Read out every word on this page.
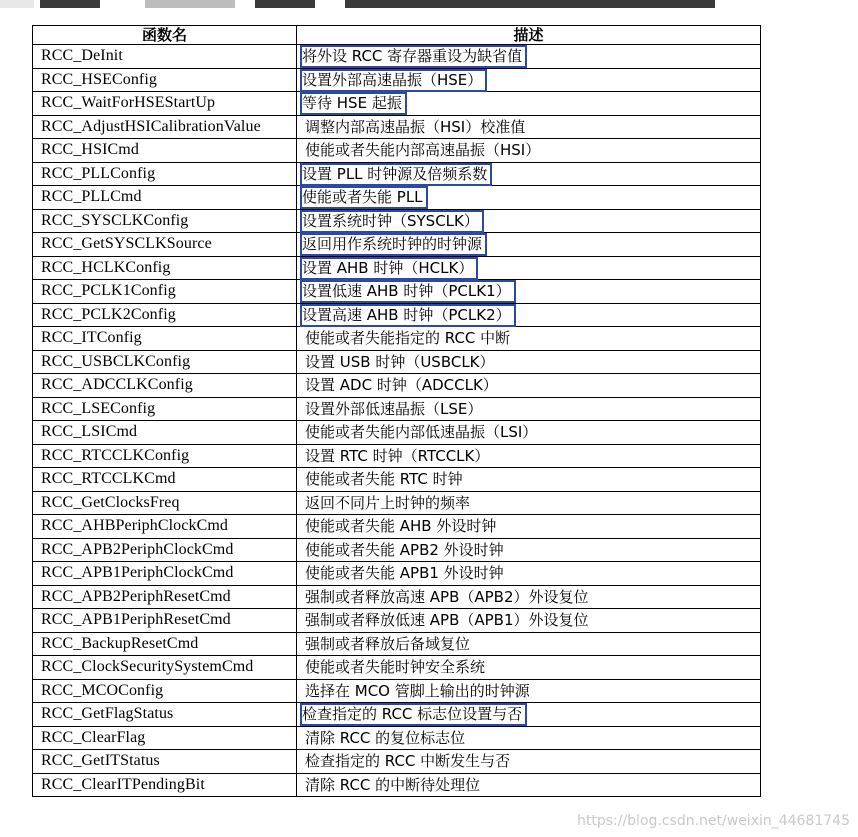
函数名	描述
RCC_DeInit	将外设 RCC 寄存器重设为缺省值
RCC_HSEConfig	设置外部高速晶振（HSE）
RCC_WaitForHSEStartUp	等待 HSE 起振
RCC_AdjustHSICalibrationValue	调整内部高速晶振（HSI）校准值
RCC_HSICmd	使能或者失能内部高速晶振（HSI）
RCC_PLLConfig	设置 PLL 时钟源及倍频系数
RCC_PLLCmd	使能或者失能 PLL
RCC_SYSCLKConfig	设置系统时钟（SYSCLK）
RCC_GetSYSCLKSource	返回用作系统时钟的时钟源
RCC_HCLKConfig	设置 AHB 时钟（HCLK）
RCC_PCLK1Config	设置低速 AHB 时钟（PCLK1）
RCC_PCLK2Config	设置高速 AHB 时钟（PCLK2）
RCC_ITConfig	使能或者失能指定的 RCC 中断
RCC_USBCLKConfig	设置 USB 时钟（USBCLK）
RCC_ADCCLKConfig	设置 ADC 时钟（ADCCLK）
RCC_LSEConfig	设置外部低速晶振（LSE）
RCC_LSICmd	使能或者失能内部低速晶振（LSI）
RCC_RTCCLKConfig	设置 RTC 时钟（RTCCLK）
RCC_RTCCLKCmd	使能或者失能 RTC 时钟
RCC_GetClocksFreq	返回不同片上时钟的频率
RCC_AHBPeriphClockCmd	使能或者失能 AHB 外设时钟
RCC_APB2PeriphClockCmd	使能或者失能 APB2 外设时钟
RCC_APB1PeriphClockCmd	使能或者失能 APB1 外设时钟
RCC_APB2PeriphResetCmd	强制或者释放高速 APB（APB2）外设复位
RCC_APB1PeriphResetCmd	强制或者释放低速 APB（APB1）外设复位
RCC_BackupResetCmd	强制或者释放后备域复位
RCC_ClockSecuritySystemCmd	使能或者失能时钟安全系统
RCC_MCOConfig	选择在 MCO 管脚上输出的时钟源
RCC_GetFlagStatus	检查指定的 RCC 标志位设置与否
RCC_ClearFlag	清除 RCC 的复位标志位
RCC_GetITStatus	检查指定的 RCC 中断发生与否
RCC_ClearITPendingBit	清除 RCC 的中断待处理位
https://blog.csdn.net/weixin_44681745
